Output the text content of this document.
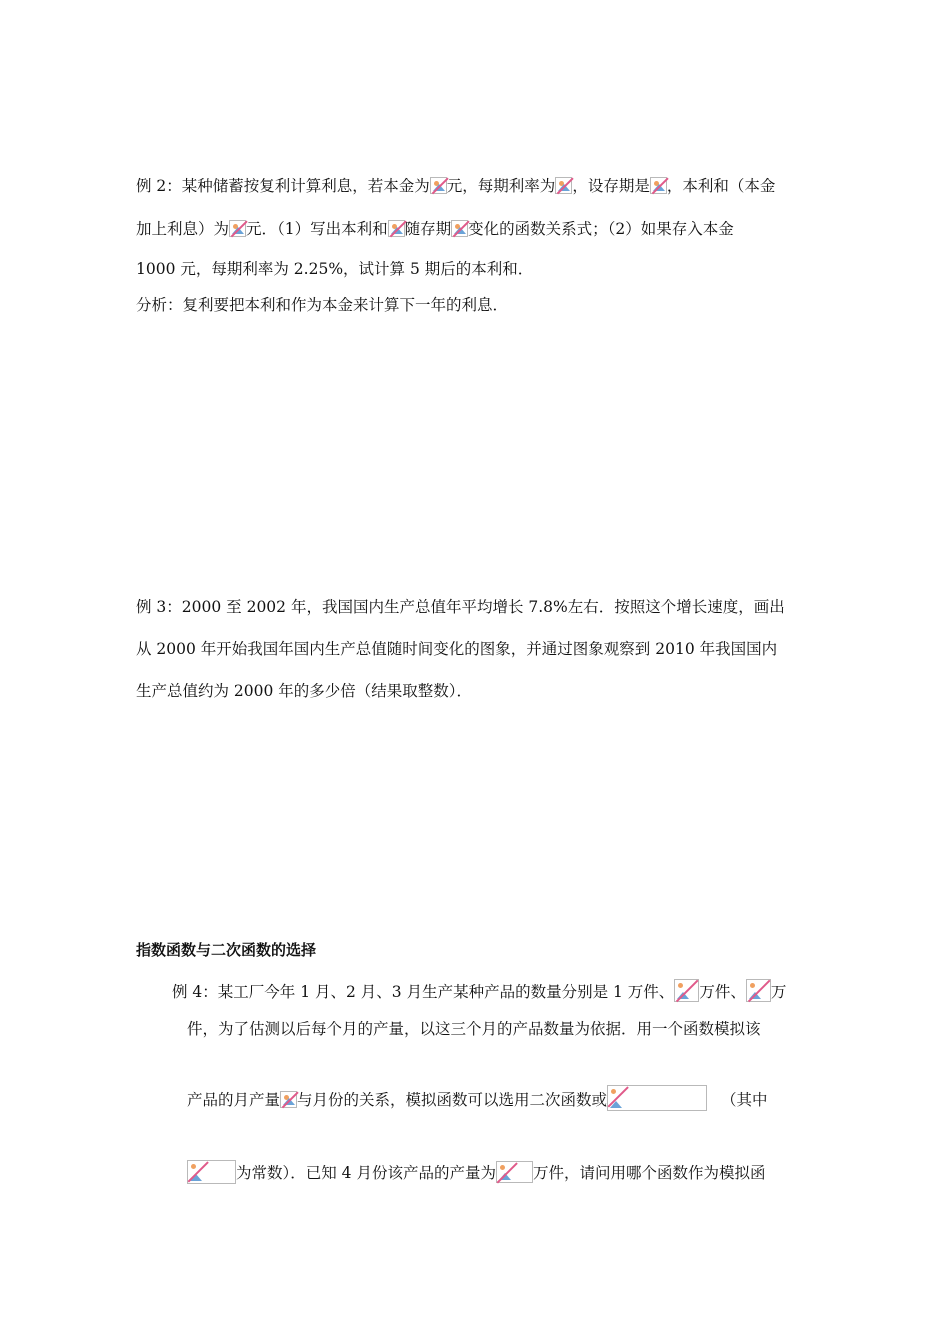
例 2：某种储蓄按复利计算利息，若本金为 元，每期利率为 ，设存期是 ，本利和（本金
加上利息）为 元．（1）写出本利和 随存期 变化的函数关系式；（2）如果存入本金
1000 元，每期利率为 2.25%，试计算 5 期后的本利和．
分析：复利要把本利和作为本金来计算下一年的利息．
例 3：2000 至 2002 年，我国国内生产总值年平均增长 7.8%左右．按照这个增长速度，画出
从 2000 年开始我国年国内生产总值随时间变化的图象，并通过图象观察到 2010 年我国国内
生产总值约为 2000 年的多少倍（结果取整数）．
指数函数与二次函数的选择
例 4：某工厂今年 1 月、2 月、3 月生产某种产品的数量分别是 1 万件、 万件、 万
件，为了估测以后每个月的产量，以这三个月的产品数量为依据．用一个函数模拟该
产品的月产量 与月份的关系，模拟函数可以选用二次函数或	（其中
为常数）．已知 4 月份该产品的产量为 万件，请问用哪个函数作为模拟函
